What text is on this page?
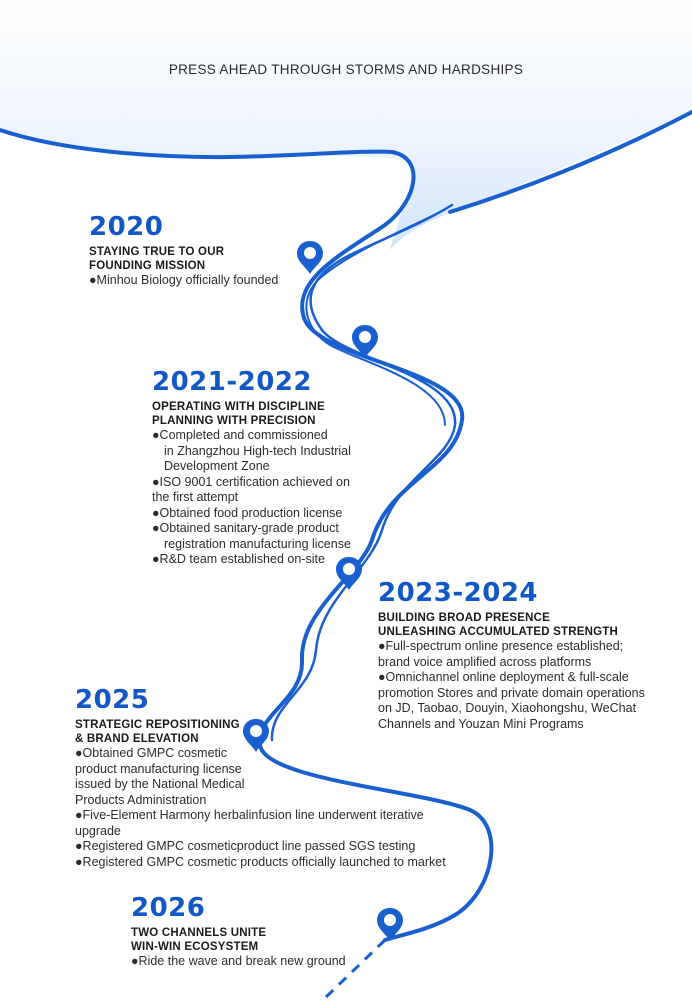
PRESS AHEAD THROUGH STORMS AND HARDSHIPS
2020
STAYING TRUE TO OUR
FOUNDING MISSION
●Minhou Biology officially founded
2021-2022
OPERATING WITH DISCIPLINE
PLANNING WITH PRECISION
●Completed and commissioned
in Zhangzhou High-tech Industrial
Development Zone
●ISO 9001 certification achieved on
the first attempt
●Obtained food production license
●Obtained sanitary-grade product
registration manufacturing license
●R&D team established on-site
2023-2024
BUILDING BROAD PRESENCE
UNLEASHING ACCUMULATED STRENGTH
●Full-spectrum online presence established;
brand voice amplified across platforms
●Omnichannel online deployment & full-scale
promotion Stores and private domain operations
on JD, Taobao, Douyin, Xiaohongshu, WeChat
Channels and Youzan Mini Programs
2025
STRATEGIC REPOSITIONING
& BRAND ELEVATION
●Obtained GMPC cosmetic
product manufacturing license
issued by the National Medical
Products Administration
●Five-Element Harmony herbalinfusion line underwent iterative
upgrade
●Registered GMPC cosmeticproduct line passed SGS testing
●Registered GMPC cosmetic products officially launched to market
2026
TWO CHANNELS UNITE
WIN-WIN ECOSYSTEM
●Ride the wave and break new ground
